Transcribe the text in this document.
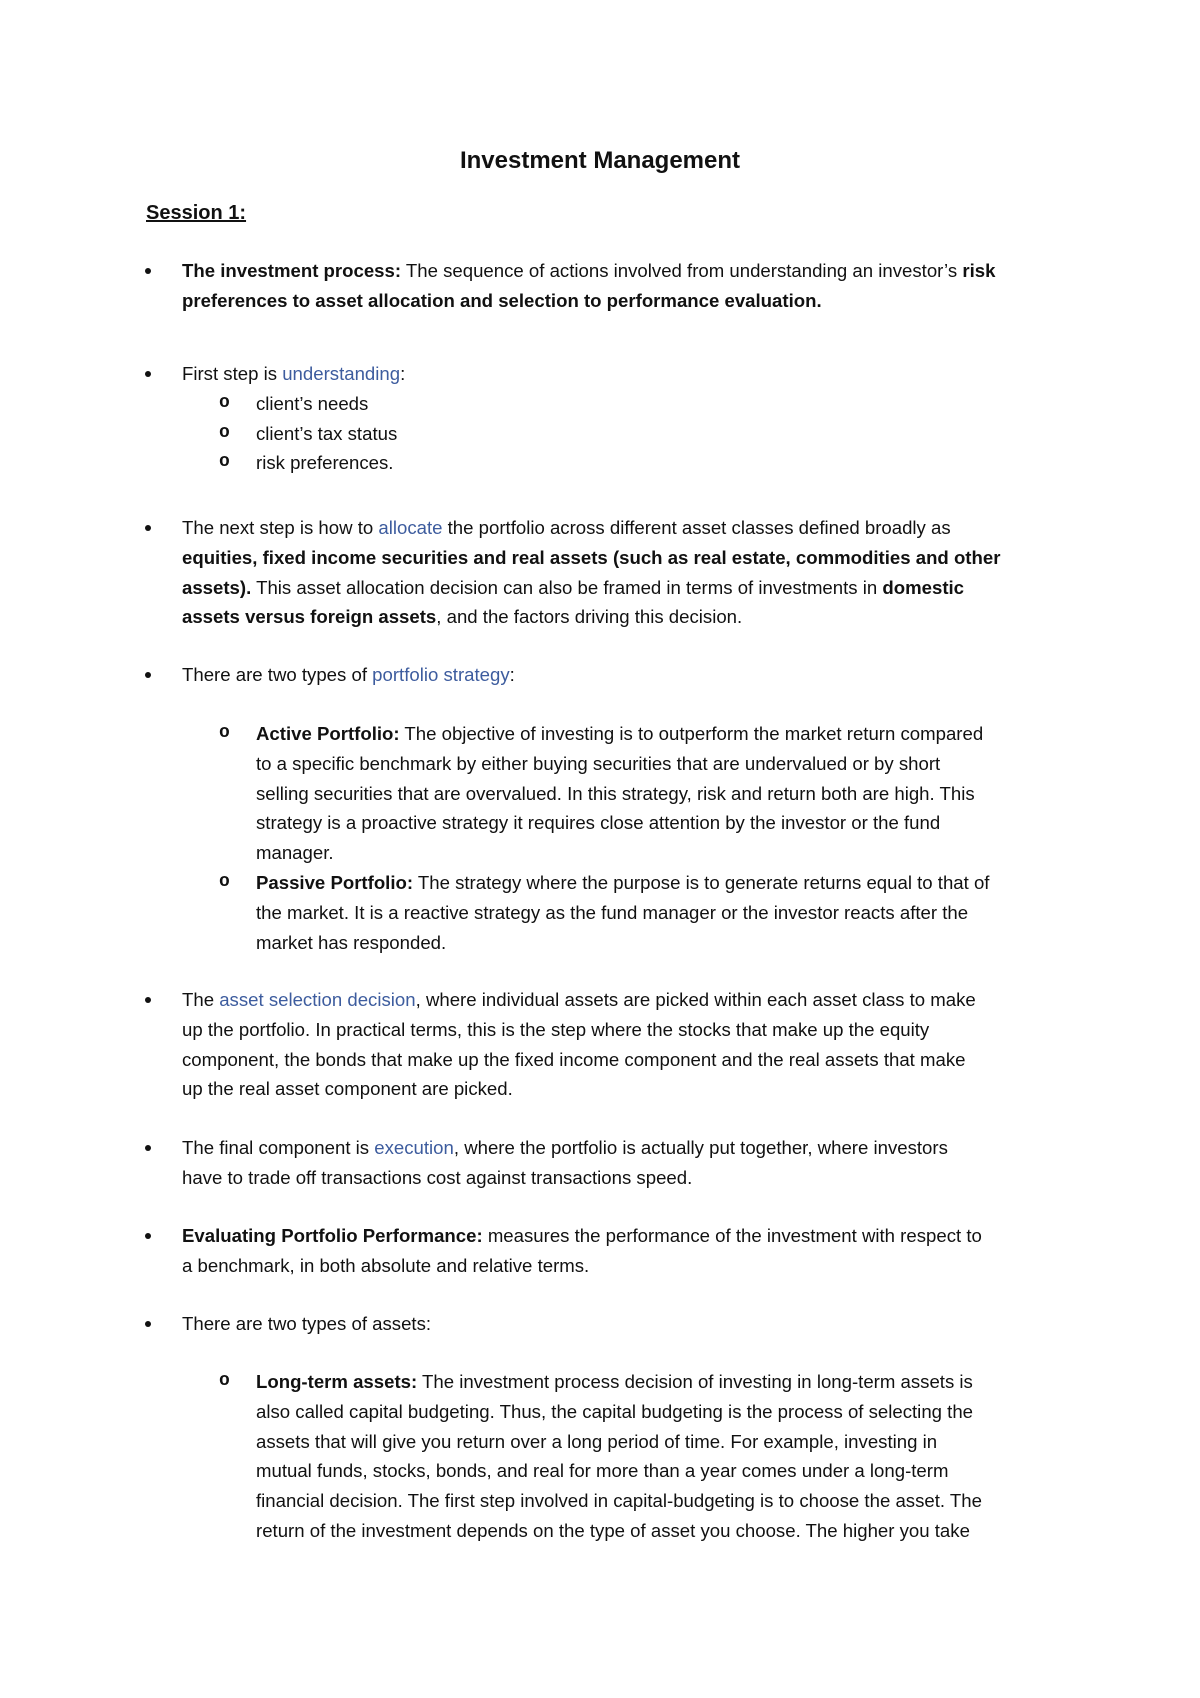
Investment Management
Session 1:
The investment process: The sequence of actions involved from understanding an investor’s risk
preferences to asset allocation and selection to performance evaluation.
First step is understanding:
o client’s needs
o client’s tax status
o risk preferences.
The next step is how to allocate the portfolio across different asset classes defined broadly as
equities, fixed income securities and real assets (such as real estate, commodities and other
assets). This asset allocation decision can also be framed in terms of investments in domestic
assets versus foreign assets, and the factors driving this decision.
There are two types of portfolio strategy:
o Active Portfolio: The objective of investing is to outperform the market return compared
to a specific benchmark by either buying securities that are undervalued or by short
selling securities that are overvalued. In this strategy, risk and return both are high. This
strategy is a proactive strategy it requires close attention by the investor or the fund
manager.
o Passive Portfolio: The strategy where the purpose is to generate returns equal to that of
the market. It is a reactive strategy as the fund manager or the investor reacts after the
market has responded.
The asset selection decision, where individual assets are picked within each asset class to make
up the portfolio. In practical terms, this is the step where the stocks that make up the equity
component, the bonds that make up the fixed income component and the real assets that make
up the real asset component are picked.
The final component is execution, where the portfolio is actually put together, where investors
have to trade off transactions cost against transactions speed.
Evaluating Portfolio Performance: measures the performance of the investment with respect to
a benchmark, in both absolute and relative terms.
There are two types of assets:
o Long-term assets: The investment process decision of investing in long-term assets is
also called capital budgeting. Thus, the capital budgeting is the process of selecting the
assets that will give you return over a long period of time. For example, investing in
mutual funds, stocks, bonds, and real for more than a year comes under a long-term
financial decision. The first step involved in capital-budgeting is to choose the asset. The
return of the investment depends on the type of asset you choose. The higher you take
